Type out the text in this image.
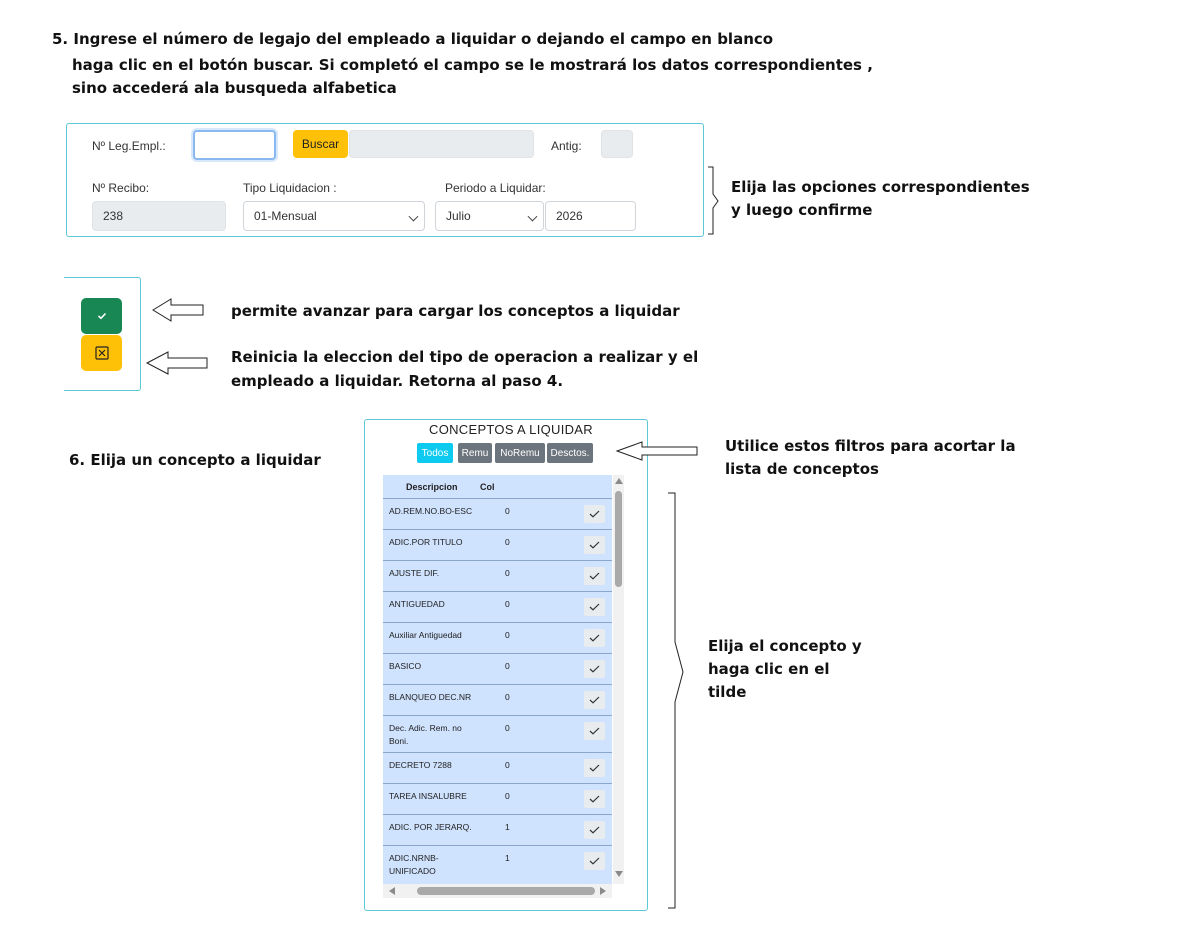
5. Ingrese el número de legajo del empleado a liquidar o dejando el campo en blanco
haga clic en el botón buscar. Si completó el campo se le mostrará los datos correspondientes ,
sino accederá ala busqueda alfabetica
Nº Leg.Empl.:	Buscar	Antig:
Nº Recibo:
238
Tipo Liquidacion :
01-Mensual
Periodo a Liquidar:
Julio	2026
Elija las opciones correspondientes
y luego confirme
permite avanzar para cargar los conceptos a liquidar
Reinicia la eleccion del tipo de operacion a realizar y el
empleado a liquidar. Retorna al paso 4.
6. Elija un concepto a liquidar
CONCEPTOS A LIQUIDAR
Todos	Remu	NoRemu	Desctos.
Descripcion Col
AD.REM.NO.BO-ESC	0
ADIC.POR TITULO	0
AJUSTE DIF.	0
ANTIGUEDAD	0
Auxiliar Antiguedad	0
BASICO	0
BLANQUEO DEC.NR	0
Dec. Adic. Rem. no Boni.
0
DECRETO 7288	0
TAREA INSALUBRE	0
ADIC. POR JERARQ.	1
ADIC.NRNB-UNIFICADO
1
Utilice estos filtros para acortar la
lista de conceptos
Elija el concepto y
haga clic en el
tilde
